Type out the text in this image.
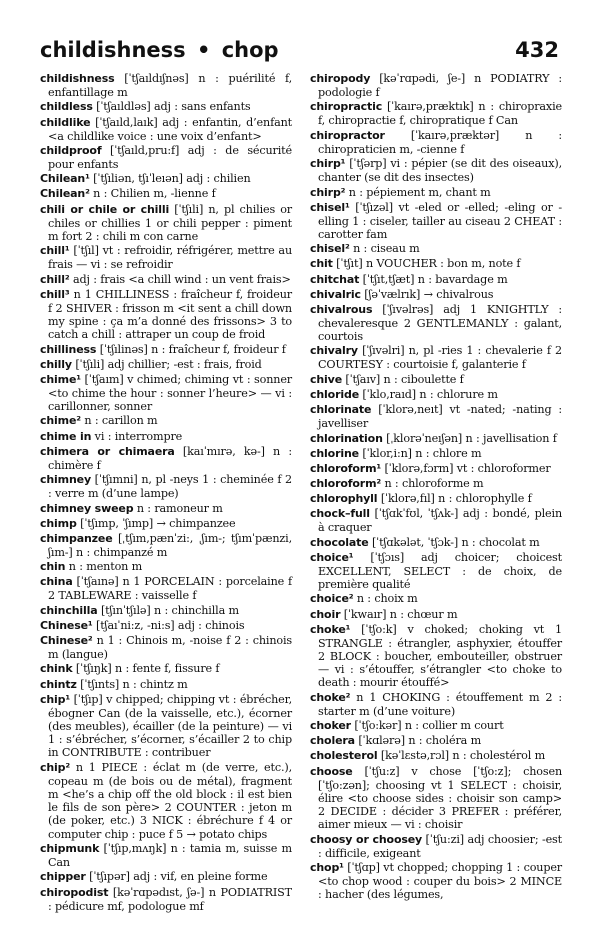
childishness • chop	432
childishness [ˈtʃaıldıʃnəs] n : puérilité f, enfantillage m
childless [ˈtʃaıldləs] adj : sans enfants
childlike [ˈtʃaıld,laık] adj : enfantin, d’enfant <a childlike voice : une voix d’enfant>
childproof [ˈtʃaıld,pru:f] adj : de sécurité pour enfants
Chilean¹ [ˈtʃıliən, tʃıˈleıən] adj : chilien
Chilean² n : Chilien m, -lienne f
chili or chile or chilli [ˈtʃıli] n, pl chilies or chiles or chillies 1 or chili pepper : piment m fort 2 : chili m con carne
chill¹ [ˈtʃıl] vt : refroidir, réfrigérer, mettre au frais — vi : se refroidir
chill² adj : frais <a chill wind : un vent frais>
chill³ n 1 CHILLINESS : fraîcheur f, froideur f 2 SHIVER : frisson m <it sent a chill down my spine : ça m’a donné des frissons> 3 to catch a chill : attraper un coup de froid
chilliness [ˈtʃılinəs] n : fraîcheur f, froideur f
chilly [ˈtʃıli] adj chillier; -est : frais, froid
chime¹ [ˈtʃaım] v chimed; chiming vt : sonner <to chime the hour : sonner l’heure> — vi : carillonner, sonner
chime² n : carillon m
chime in vi : interrompre
chimera or chimaera [kaıˈmırə, kə-] n : chimère f
chimney [ˈtʃımni] n, pl -neys 1 : cheminée f 2 : verre m (d’une lampe)
chimney sweep n : ramoneur m
chimp [ˈtʃımp, ˈʃımp] → chimpanzee
chimpanzee [ˌtʃım,pænˈzi:, ˌʃım-; tʃımˈpænzi, ʃım-] n : chimpanzé m
chin n : menton m
china [ˈtʃaınə] n 1 PORCELAIN : porcelaine f 2 TABLEWARE : vaisselle f
chinchilla [tʃınˈtʃılə] n : chinchilla m
Chinese¹ [tʃaıˈni:z, -ni:s] adj : chinois
Chinese² n 1 : Chinois m, -noise f 2 : chinois m (langue)
chink [ˈtʃıŋk] n : fente f, fissure f
chintz [ˈtʃınts] n : chintz m
chip¹ [ˈtʃıp] v chipped; chipping vt : ébrécher, ébogner Can (de la vaisselle, etc.), écorner (des meubles), écailler (de la peinture) — vi 1 : s’ébrécher, s’écorner, s’écailler 2 to chip in CONTRIBUTE : contribuer
chip² n 1 PIECE : éclat m (de verre, etc.), copeau m (de bois ou de métal), fragment m <he’s a chip off the old block : il est bien le fils de son père> 2 COUNTER : jeton m (de poker, etc.) 3 NICK : ébréchure f 4 or computer chip : puce f 5 → potato chips
chipmunk [ˈtʃıp,mʌŋk] n : tamia m, suisse m Can
chipper [ˈtʃıpər] adj : vif, en pleine forme
chiropodist [kəˈrɑpədıst, ʃə-] n PODIATRIST : pédicure mf, podologue mf
chiropody [kəˈrɑpədi, ʃe-] n PODIATRY : podologie f
chiropractic [ˈkaırə,præktık] n : chiropraxie f, chiropractie f, chiropratique f Can
chiropractor [ˈkaırə,præktər] n : chiropraticien m, -cienne f
chirp¹ [ˈtʃərp] vi : pépier (se dit des oiseaux), chanter (se dit des insectes)
chirp² n : pépiement m, chant m
chisel¹ [ˈtʃızəl] vt -eled or -elled; -eling or -elling 1 : ciseler, tailler au ciseau 2 CHEAT : carotter fam
chisel² n : ciseau m
chit [ˈtʃıt] n VOUCHER : bon m, note f
chitchat [ˈtʃıt,tʃæt] n : bavardage m
chivalric [ʃəˈvælrık] → chivalrous
chivalrous [ˈʃıvəlrəs] adj 1 KNIGHTLY : chevaleresque 2 GENTLEMANLY : galant, courtois
chivalry [ˈʃıvəlri] n, pl -ries 1 : chevalerie f 2 COURTESY : courtoisie f, galanterie f
chive [ˈtʃaıv] n : ciboulette f
chloride [ˈklo,raıd] n : chlorure m
chlorinate [ˈklorə,neıt] vt -nated; -nating : javelliser
chlorination [ˌklorəˈneıʃən] n : javellisation f
chlorine [ˈklor,i:n] n : chlore m
chloroform¹ [ˈklorə,fɔrm] vt : chloroformer
chloroform² n : chloroforme m
chlorophyll [ˈklorə,fıl] n : chlorophylle f
chock–full [ˈtʃɑkˈfʊl, ˈtʃʌk-] adj : bondé, plein à craquer
chocolate [ˈtʃɑkələt, ˈtʃɔk-] n : chocolat m
choice¹ [ˈtʃɔıs] adj choicer; choicest EXCELLENT, SELECT : de choix, de première qualité
choice² n : choix m
choir [ˈkwaır] n : chœur m
choke¹ [ˈtʃo:k] v choked; choking vt 1 STRANGLE : étrangler, asphyxier, étouffer 2 BLOCK : boucher, embouteiller, obstruer — vi : s’étouffer, s’étrangler <to choke to death : mourir étouffé>
choke² n 1 CHOKING : étouffement m 2 : starter m (d’une voiture)
choker [ˈtʃo:kər] n : collier m court
cholera [ˈkɑlərə] n : choléra m
cholesterol [kəˈlɛstə,rɔl] n : cholestérol m
choose [ˈtʃu:z] v chose [ˈtʃo:z]; chosen [ˈtʃo:zən]; choosing vt 1 SELECT : choisir, élire <to choose sides : choisir son camp> 2 DECIDE : décider 3 PREFER : préférer, aimer mieux — vi : choisir
choosy or choosey [ˈtʃu:zi] adj choosier; -est : difficile, exigeant
chop¹ [ˈtʃɑp] vt chopped; chopping 1 : couper <to chop wood : couper du bois> 2 MINCE : hacher (des légumes,
